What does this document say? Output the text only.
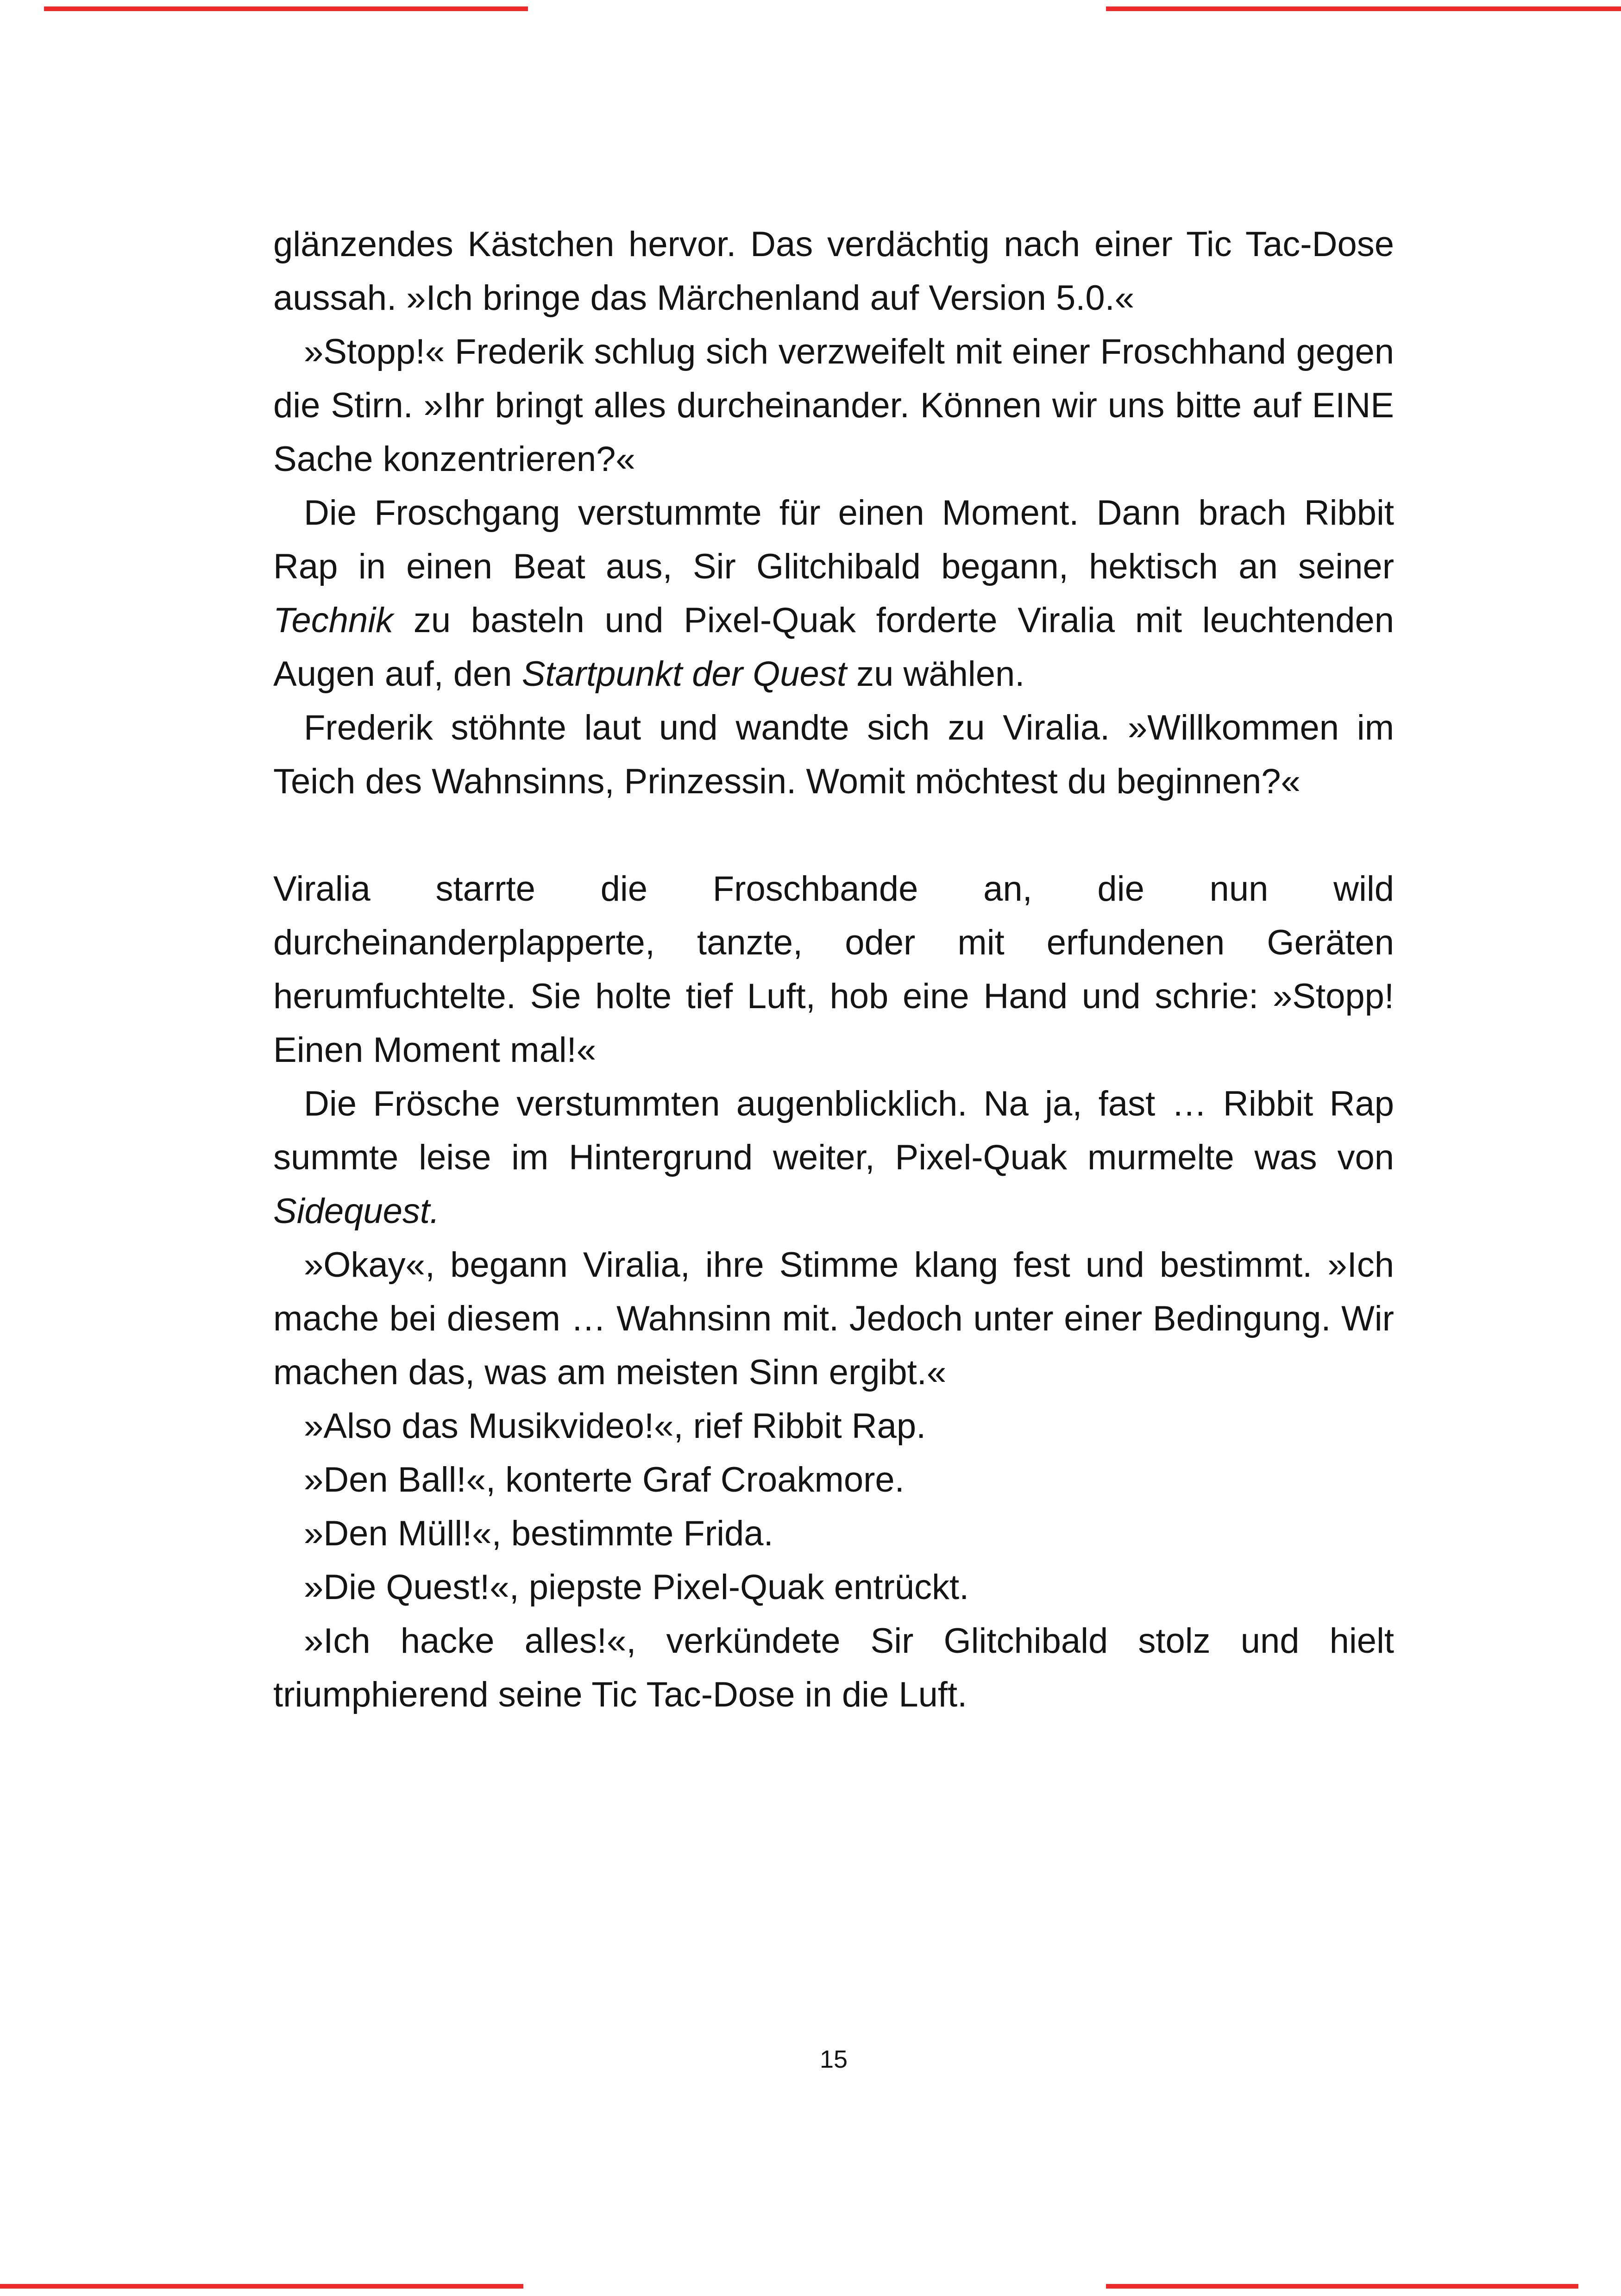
glänzendes Kästchen hervor. Das verdächtig nach einer Tic Tac-Dose aussah. »Ich bringe das Märchenland auf Version 5.0.«

»Stopp!« Frederik schlug sich verzweifelt mit einer Froschhand gegen die Stirn. »Ihr bringt alles durcheinander. Können wir uns bitte auf EINE Sache konzentrieren?«

Die Froschgang verstummte für einen Moment. Dann brach Ribbit Rap in einen Beat aus, Sir Glitchibald begann, hektisch an seiner Technik zu basteln und Pixel-Quak forderte Viralia mit leuchtenden Augen auf, den Startpunkt der Quest zu wählen.

Frederik stöhnte laut und wandte sich zu Viralia. »Willkommen im Teich des Wahnsinns, Prinzessin. Womit möchtest du beginnen?«

Viralia starrte die Froschbande an, die nun wild durcheinanderplapperte, tanzte, oder mit erfundenen Geräten herumfuchtelte. Sie holte tief Luft, hob eine Hand und schrie: »Stopp! Einen Moment mal!«

Die Frösche verstummten augenblicklich. Na ja, fast … Ribbit Rap summte leise im Hintergrund weiter, Pixel-Quak murmelte was von Sidequest.

»Okay«, begann Viralia, ihre Stimme klang fest und bestimmt. »Ich mache bei diesem … Wahnsinn mit. Jedoch unter einer Bedingung. Wir machen das, was am meisten Sinn ergibt.«

»Also das Musikvideo!«, rief Ribbit Rap.

»Den Ball!«, konterte Graf Croakmore.

»Den Müll!«, bestimmte Frida.

»Die Quest!«, piepste Pixel-Quak entrückt.

»Ich hacke alles!«, verkündete Sir Glitchibald stolz und hielt triumphierend seine Tic Tac-Dose in die Luft.

15
